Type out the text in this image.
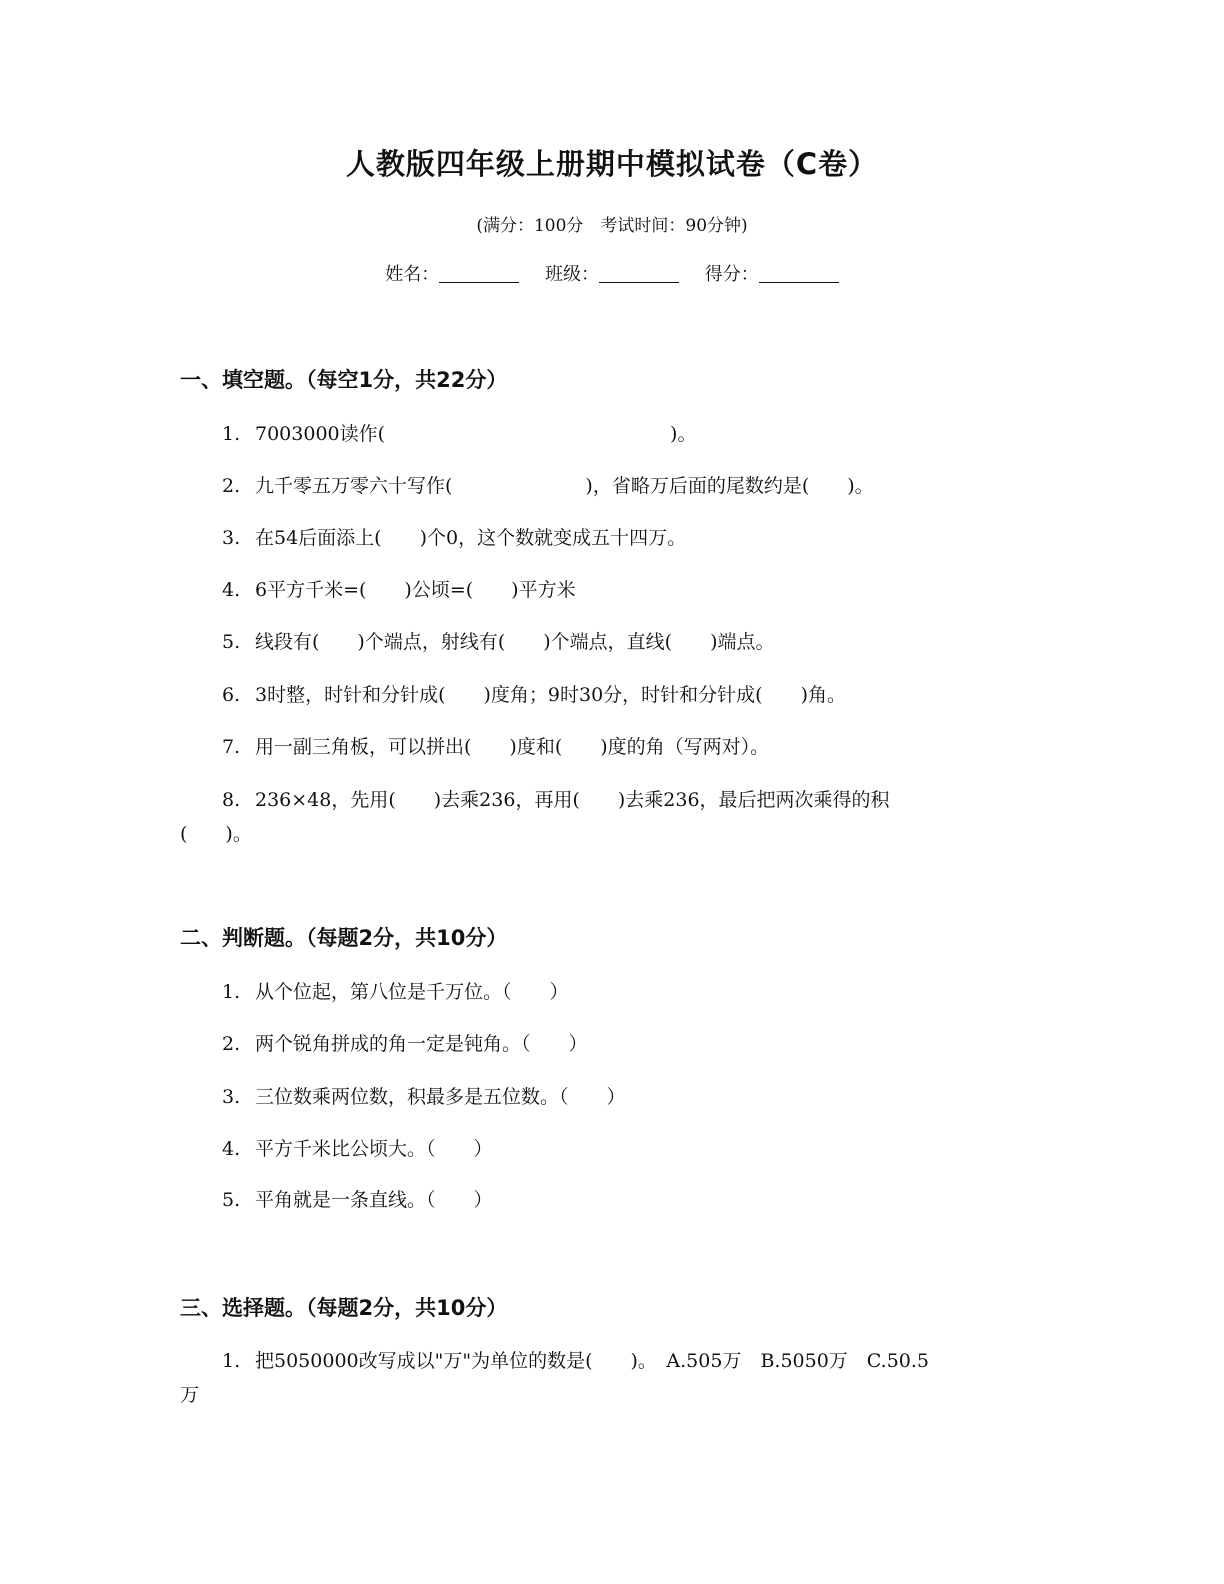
人教版四年级上册期中模拟试卷（C卷）
(满分：100分　考试时间：90分钟)
姓名：	班级：	得分：
一、填空题。（每空1分，共22分）
1. 7003000读作(　　　　　　　　　　　　　　　)。
2. 九千零五万零六十写作(　　　　　　　)，省略万后面的尾数约是(　　)。
3. 在54后面添上(　　)个0，这个数就变成五十四万。
4. 6平方千米=(　　)公顷=(　　)平方米
5. 线段有(　　)个端点，射线有(　　)个端点，直线(　　)端点。
6. 3时整，时针和分针成(　　)度角；9时30分，时针和分针成(　　)角。
7. 用一副三角板，可以拼出(　　)度和(　　)度的角（写两对）。
8. 236×48，先用(　　)去乘236，再用(　　)去乘236，最后把两次乘得的积
(　　)。
二、判断题。（每题2分，共10分）
1. 从个位起，第八位是千万位。（　　）
2. 两个锐角拼成的角一定是钝角。（　　）
3. 三位数乘两位数，积最多是五位数。（　　）
4. 平方千米比公顷大。（　　）
5. 平角就是一条直线。（　　）
三、选择题。（每题2分，共10分）
1. 把5050000改写成以"万"为单位的数是(　　)。　A.505万　B.5050万　C.50.5
万
